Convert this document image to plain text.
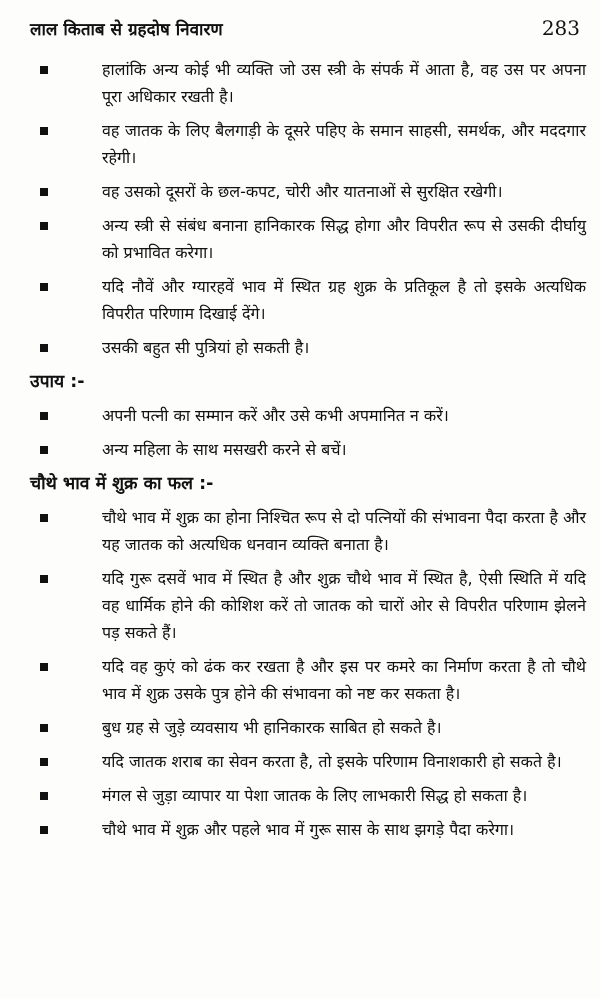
लाल किताब से ग्रहदोष निवारण	283
हालांकि अन्य कोई भी व्यक्ति जो उस स्त्री के संपर्क में आता है, वह उस पर अपना पूरा अधिकार रखती है।
वह जातक के लिए बैलगाड़ी के दूसरे पहिए के समान साहसी, समर्थक, और मददगार रहेगी।
वह उसको दूसरों के छल-कपट, चोरी और यातनाओं से सुरक्षित रखेगी।
अन्य स्त्री से संबंध बनाना हानिकारक सिद्ध होगा और विपरीत रूप से उसकी दीर्घायु को प्रभावित करेगा।
यदि नौवें और ग्यारहवें भाव में स्थित ग्रह शुक्र के प्रतिकूल है तो इसके अत्यधिक विपरीत परिणाम दिखाई देंगे।
उसकी बहुत सी पुत्रियां हो सकती है।
उपाय :-
अपनी पत्नी का सम्मान करें और उसे कभी अपमानित न करें।
अन्य महिला के साथ मसखरी करने से बचें।
चौथे भाव में शुक्र का फल :-
चौथे भाव में शुक्र का होना निश्चित रूप से दो पत्नियों की संभावना पैदा करता है और यह जातक को अत्यधिक धनवान व्यक्ति बनाता है।
यदि गुरू दसवें भाव में स्थित है और शुक्र चौथे भाव में स्थित है, ऐसी स्थिति में यदि वह धार्मिक होने की कोशिश करें तो जातक को चारों ओर से विपरीत परिणाम झेलने पड़ सकते हैं।
यदि वह कुएं को ढंक कर रखता है और इस पर कमरे का निर्माण करता है तो चौथे भाव में शुक्र उसके पुत्र होने की संभावना को नष्ट कर सकता है।
बुध ग्रह से जुड़े व्यवसाय भी हानिकारक साबित हो सकते है।
यदि जातक शराब का सेवन करता है, तो इसके परिणाम विनाशकारी हो सकते है।
मंगल से जुड़ा व्यापार या पेशा जातक के लिए लाभकारी सिद्ध हो सकता है।
चौथे भाव में शुक्र और पहले भाव में गुरू सास के साथ झगड़े पैदा करेगा।
